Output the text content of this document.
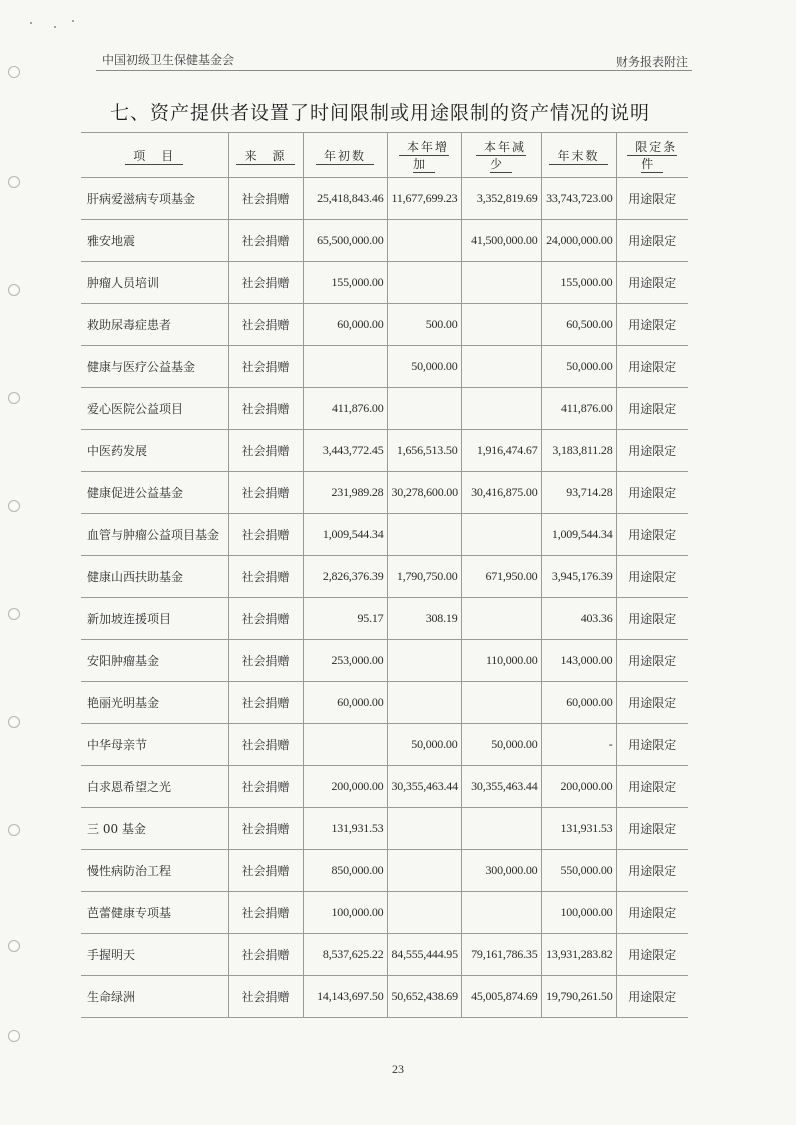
中国初级卫生保健基金会	财务报表附注
七、资产提供者设置了时间限制或用途限制的资产情况的说明
项　目	来　源	年初数	本年增加	本年减少	年末数	限定条件
肝病爱滋病专项基金	社会捐赠	25,418,843.46	11,677,699.23	3,352,819.69	33,743,723.00	用途限定
雅安地震	社会捐赠	65,500,000.00		41,500,000.00	24,000,000.00	用途限定
肿瘤人员培训	社会捐赠	155,000.00			155,000.00	用途限定
救助尿毒症患者	社会捐赠	60,000.00	500.00		60,500.00	用途限定
健康与医疗公益基金	社会捐赠		50,000.00		50,000.00	用途限定
爱心医院公益项目	社会捐赠	411,876.00			411,876.00	用途限定
中医药发展	社会捐赠	3,443,772.45	1,656,513.50	1,916,474.67	3,183,811.28	用途限定
健康促进公益基金	社会捐赠	231,989.28	30,278,600.00	30,416,875.00	93,714.28	用途限定
血管与肿瘤公益项目基金	社会捐赠	1,009,544.34			1,009,544.34	用途限定
健康山西扶助基金	社会捐赠	2,826,376.39	1,790,750.00	671,950.00	3,945,176.39	用途限定
新加坡连援项目	社会捐赠	95.17	308.19		403.36	用途限定
安阳肿瘤基金	社会捐赠	253,000.00		110,000.00	143,000.00	用途限定
艳丽光明基金	社会捐赠	60,000.00			60,000.00	用途限定
中华母亲节	社会捐赠		50,000.00	50,000.00	-	用途限定
白求恩希望之光	社会捐赠	200,000.00	30,355,463.44	30,355,463.44	200,000.00	用途限定
三 00 基金	社会捐赠	131,931.53			131,931.53	用途限定
慢性病防治工程	社会捐赠	850,000.00		300,000.00	550,000.00	用途限定
芭蕾健康专项基	社会捐赠	100,000.00			100,000.00	用途限定
手握明天	社会捐赠	8,537,625.22	84,555,444.95	79,161,786.35	13,931,283.82	用途限定
生命绿洲	社会捐赠	14,143,697.50	50,652,438.69	45,005,874.69	19,790,261.50	用途限定
23
